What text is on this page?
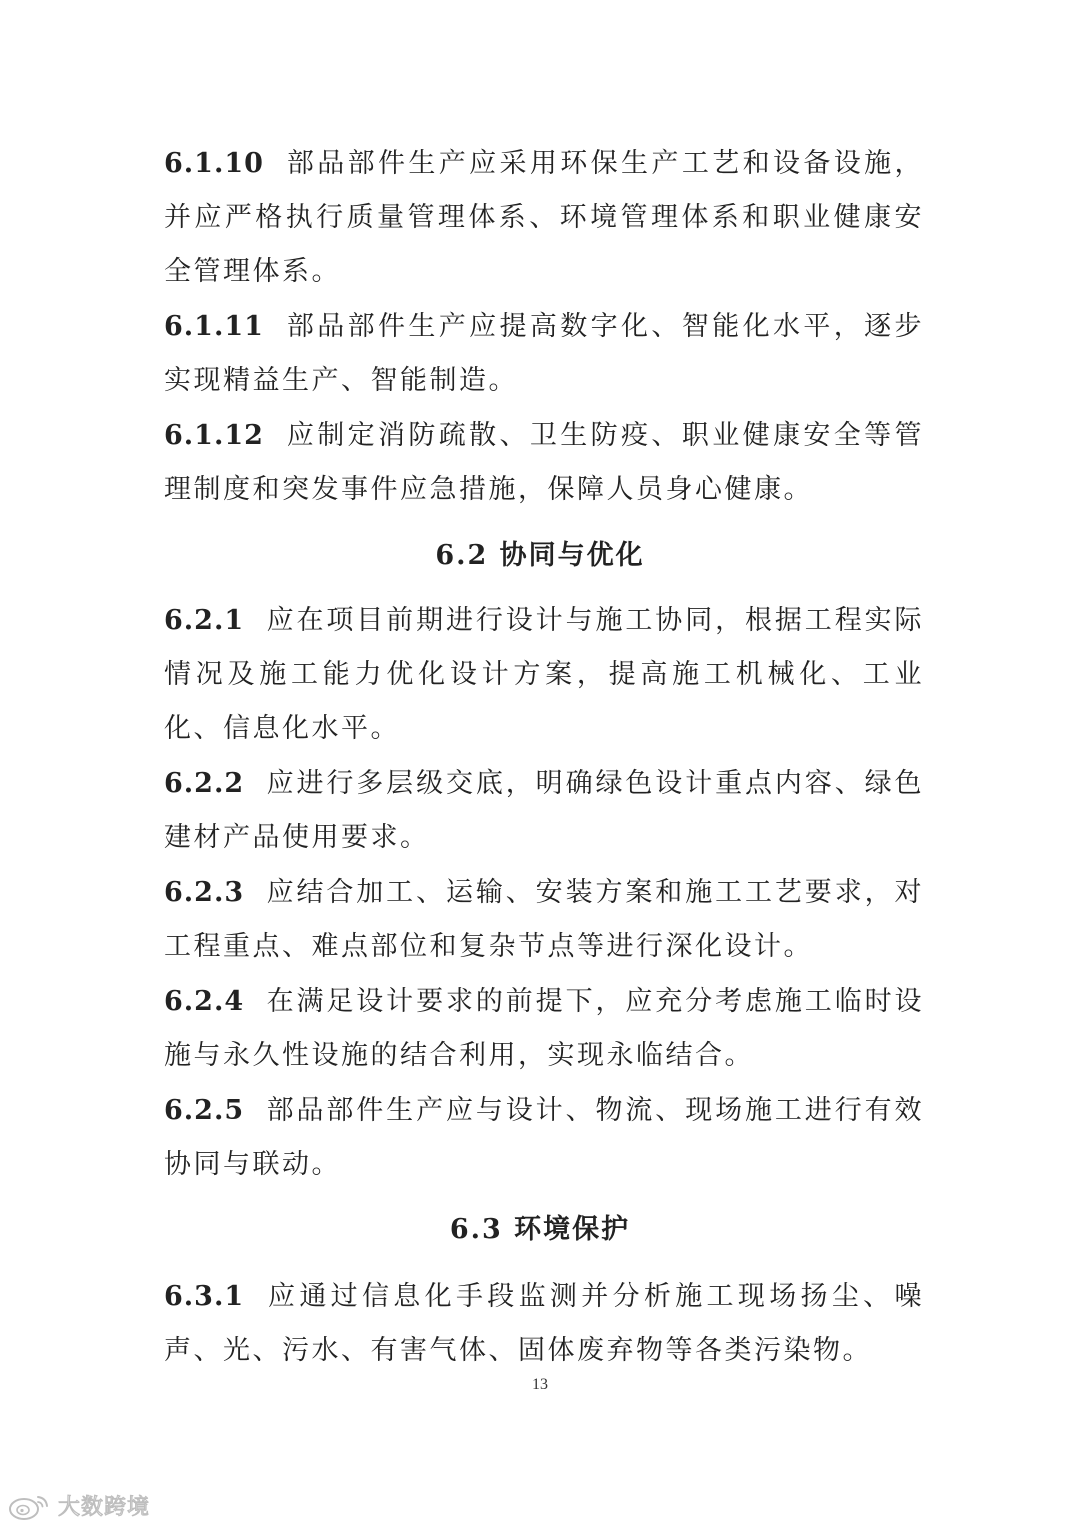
6.1.10 部品部件生产应采用环保生产工艺和设备设施，并应严格执行质量管理体系、环境管理体系和职业健康安全管理体系。

6.1.11 部品部件生产应提高数字化、智能化水平，逐步实现精益生产、智能制造。

6.1.12 应制定消防疏散、卫生防疫、职业健康安全等管理制度和突发事件应急措施，保障人员身心健康。

6.2 协同与优化

6.2.1 应在项目前期进行设计与施工协同，根据工程实际情况及施工能力优化设计方案，提高施工机械化、工业化、信息化水平。

6.2.2 应进行多层级交底，明确绿色设计重点内容、绿色建材产品使用要求。

6.2.3 应结合加工、运输、安装方案和施工工艺要求，对工程重点、难点部位和复杂节点等进行深化设计。

6.2.4 在满足设计要求的前提下，应充分考虑施工临时设施与永久性设施的结合利用，实现永临结合。

6.2.5 部品部件生产应与设计、物流、现场施工进行有效协同与联动。

6.3 环境保护

6.3.1 应通过信息化手段监测并分析施工现场扬尘、噪声、光、污水、有害气体、固体废弃物等各类污染物。

13
大数跨境
